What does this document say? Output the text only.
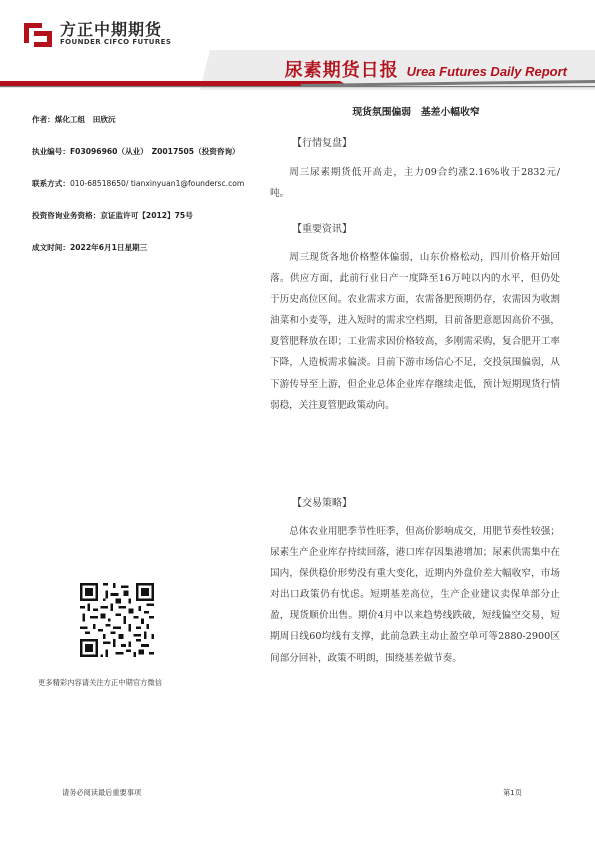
方正中期期货
FOUNDER CIFCO FUTURES
尿素期货日报 Urea Futures Daily Report
作者：煤化工组　田欣沅
执业编号：F03096960（从业）　Z0017505（投资咨询）
联系方式：010-68518650/ tianxinyuan1@foundersc.com
投资咨询业务资格：京证监许可【2012】75号
成文时间：2022年6月1日星期三
更多精彩内容请关注方正中期官方微信
现货氛围偏弱　基差小幅收窄
【行情复盘】

周三尿素期货低开高走，主力09合约涨2.16%收于2832元/吨。

【重要资讯】

周三现货各地价格整体偏弱，山东价格松动，四川价格开始回落。供应方面，此前行业日产一度降至16万吨以内的水平，但仍处于历史高位区间。农业需求方面，农需备肥预期仍存，农需因为收割油菜和小麦等，进入短时的需求空档期，目前备肥意愿因高价不强，夏管肥释放在即；工业需求因价格较高，多刚需采购，复合肥开工率下降，人造板需求偏淡。目前下游市场信心不足，交投氛围偏弱，从下游传导至上游，但企业总体企业库存继续走低，预计短期现货行情弱稳，关注夏管肥政策动向。

【交易策略】

总体农业用肥季节性旺季，但高价影响成交，用肥节奏性较强；尿素生产企业库存持续回落，港口库存因集港增加；尿素供需集中在国内，保供稳价形势没有重大变化，近期内外盘价差大幅收窄，市场对出口政策仍有忧虑。短期基差高位，生产企业建议卖保单部分止盈，现货顺价出售。期价4月中以来趋势线跌破，短线偏空交易，短期周日线60均线有支撑，此前急跌主动止盈空单可等2880-2900区间部分回补，政策不明朗，围绕基差做节奏。

请务必阅读最后重要事项	第1页
